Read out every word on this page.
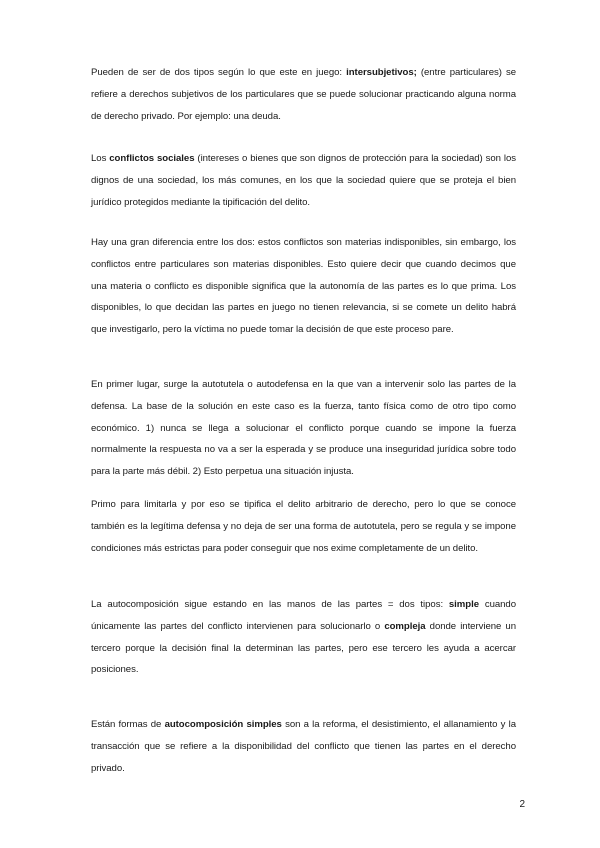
Pueden de ser de dos tipos según lo que este en juego: intersubjetivos; (entre particulares) se refiere a derechos subjetivos de los particulares que se puede solucionar practicando alguna norma de derecho privado. Por ejemplo: una deuda.

Los conflictos sociales (intereses o bienes que son dignos de protección para la sociedad) son los dignos de una sociedad, los más comunes, en los que la sociedad quiere que se proteja el bien jurídico protegidos mediante la tipificación del delito.

Hay una gran diferencia entre los dos: estos conflictos son materias indisponibles, sin embargo, los conflictos entre particulares son materias disponibles. Esto quiere decir que cuando decimos que una materia o conflicto es disponible significa que la autonomía de las partes es lo que prima. Los disponibles, lo que decidan las partes en juego no tienen relevancia, si se comete un delito habrá que investigarlo, pero la víctima no puede tomar la decisión de que este proceso pare.

En primer lugar, surge la autotutela o autodefensa en la que van a intervenir solo las partes de la defensa. La base de la solución en este caso es la fuerza, tanto física como de otro tipo como económico. 1) nunca se llega a solucionar el conflicto porque cuando se impone la fuerza normalmente la respuesta no va a ser la esperada y se produce una inseguridad jurídica sobre todo para la parte más débil. 2) Esto perpetua una situación injusta.

Primo para limitarla y por eso se tipifica el delito arbitrario de derecho, pero lo que se conoce también es la legítima defensa y no deja de ser una forma de autotutela, pero se regula y se impone condiciones más estrictas para poder conseguir que nos exime completamente de un delito.

La autocomposición sigue estando en las manos de las partes = dos tipos: simple cuando únicamente las partes del conflicto intervienen para solucionarlo o compleja donde interviene un tercero porque la decisión final la determinan las partes, pero ese tercero les ayuda a acercar posiciones.

Están formas de autocomposición simples son a la reforma, el desistimiento, el allanamiento y la transacción que se refiere a la disponibilidad del conflicto que tienen las partes en el derecho privado.

2
